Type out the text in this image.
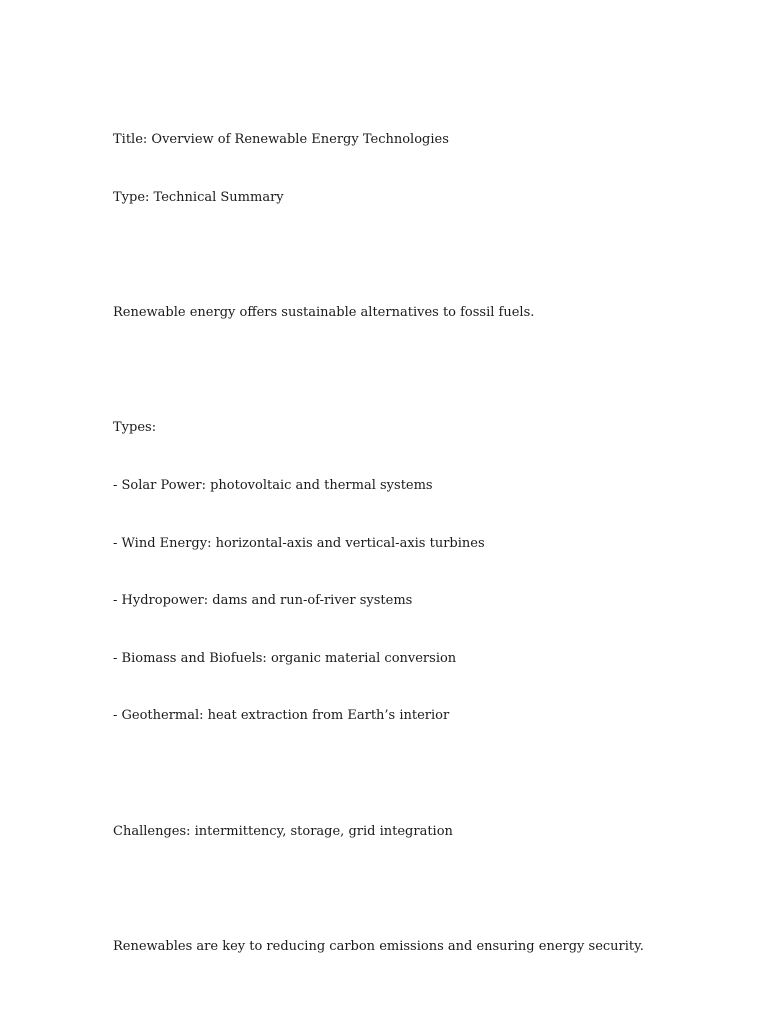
Title: Overview of Renewable Energy Technologies

Type: Technical Summary

Renewable energy offers sustainable alternatives to fossil fuels.

Types:

- Solar Power: photovoltaic and thermal systems

- Wind Energy: horizontal-axis and vertical-axis turbines

- Hydropower: dams and run-of-river systems

- Biomass and Biofuels: organic material conversion

- Geothermal: heat extraction from Earth’s interior

Challenges: intermittency, storage, grid integration

Renewables are key to reducing carbon emissions and ensuring energy security.
